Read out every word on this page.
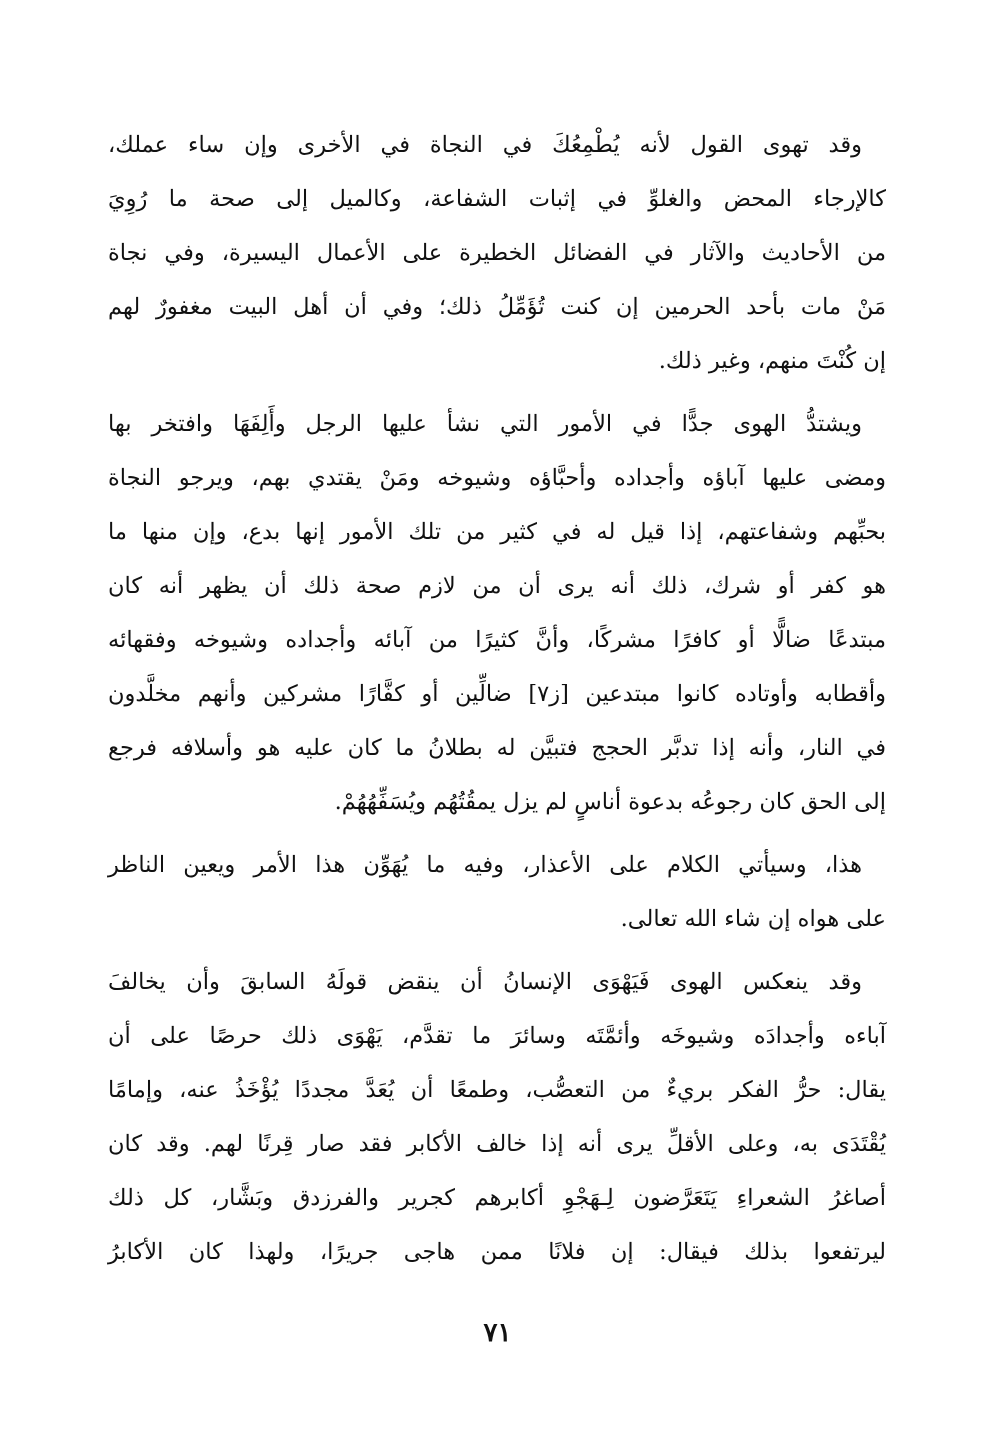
وقد تهوى القول لأنه يُطْمِعُكَ في النجاة في الأخرى وإن ساء عملك،
كالإرجاء المحض والغلوِّ في إثبات الشفاعة، وكالميل إلى صحة ما رُوِيَ
من الأحاديث والآثار في الفضائل الخطيرة على الأعمال اليسيرة، وفي نجاة
مَنْ مات بأحد الحرمين إن كنت تُؤَمِّلُ ذلك؛ وفي أن أهل البيت مغفورٌ لهم
إن كُنْتَ منهم، وغير ذلك.
ويشتدُّ الهوى جدًّا في الأمور التي نشأ عليها الرجل وأَلِفَهَا وافتخر بها
ومضى عليها آباؤه وأجداده وأحبَّاؤه وشيوخه ومَنْ يقتدي بهم، ويرجو النجاة
بحبِّهم وشفاعتهم، إذا قيل له في كثير من تلك الأمور إنها بدع، وإن منها ما
هو كفر أو شرك، ذلك أنه يرى أن من لازم صحة ذلك أن يظهر أنه كان
مبتدعًا ضالًّا أو كافرًا مشركًا، وأنَّ كثيرًا من آبائه وأجداده وشيوخه وفقهائه
وأقطابه وأوتاده كانوا مبتدعين [ز٧] ضالِّين أو كفَّارًا مشركين وأنهم مخلَّدون
في النار، وأنه إذا تدبَّر الحجج فتبيَّن له بطلانُ ما كان عليه هو وأسلافه فرجع
إلى الحق كان رجوعُه بدعوة أناسٍ لم يزل يمقُتُهُم ويُسَفِّهُهُمْ.
هذا، وسيأتي الكلام على الأعذار، وفيه ما يُهَوِّن هذا الأمر ويعين الناظر
على هواه إن شاء الله تعالى.
وقد ينعكس الهوى فَيَهْوَى الإنسانُ أن ينقض قولَهُ السابقَ وأن يخالفَ
آباءه وأجدادَه وشيوخَه وأئمَّتَه وسائرَ ما تقدَّم، يَهْوَى ذلك حرصًا على أن
يقال: حرُّ الفكر بريءٌ من التعصُّب، وطمعًا أن يُعَدَّ مجددًا يُؤْخَذُ عنه، وإمامًا
يُقْتَدَى به، وعلى الأقلِّ يرى أنه إذا خالف الأكابر فقد صار قِرنًا لهم. وقد كان
أصاغرُ الشعراءِ يَتَعَرَّضون لِـهَجْوِ أكابرهم كجرير والفرزدق وبَشَّار، كل ذلك
ليرتفعوا بذلك فيقال: إن فلانًا ممن هاجى جريرًا، ولهذا كان الأكابرُ
٧١
